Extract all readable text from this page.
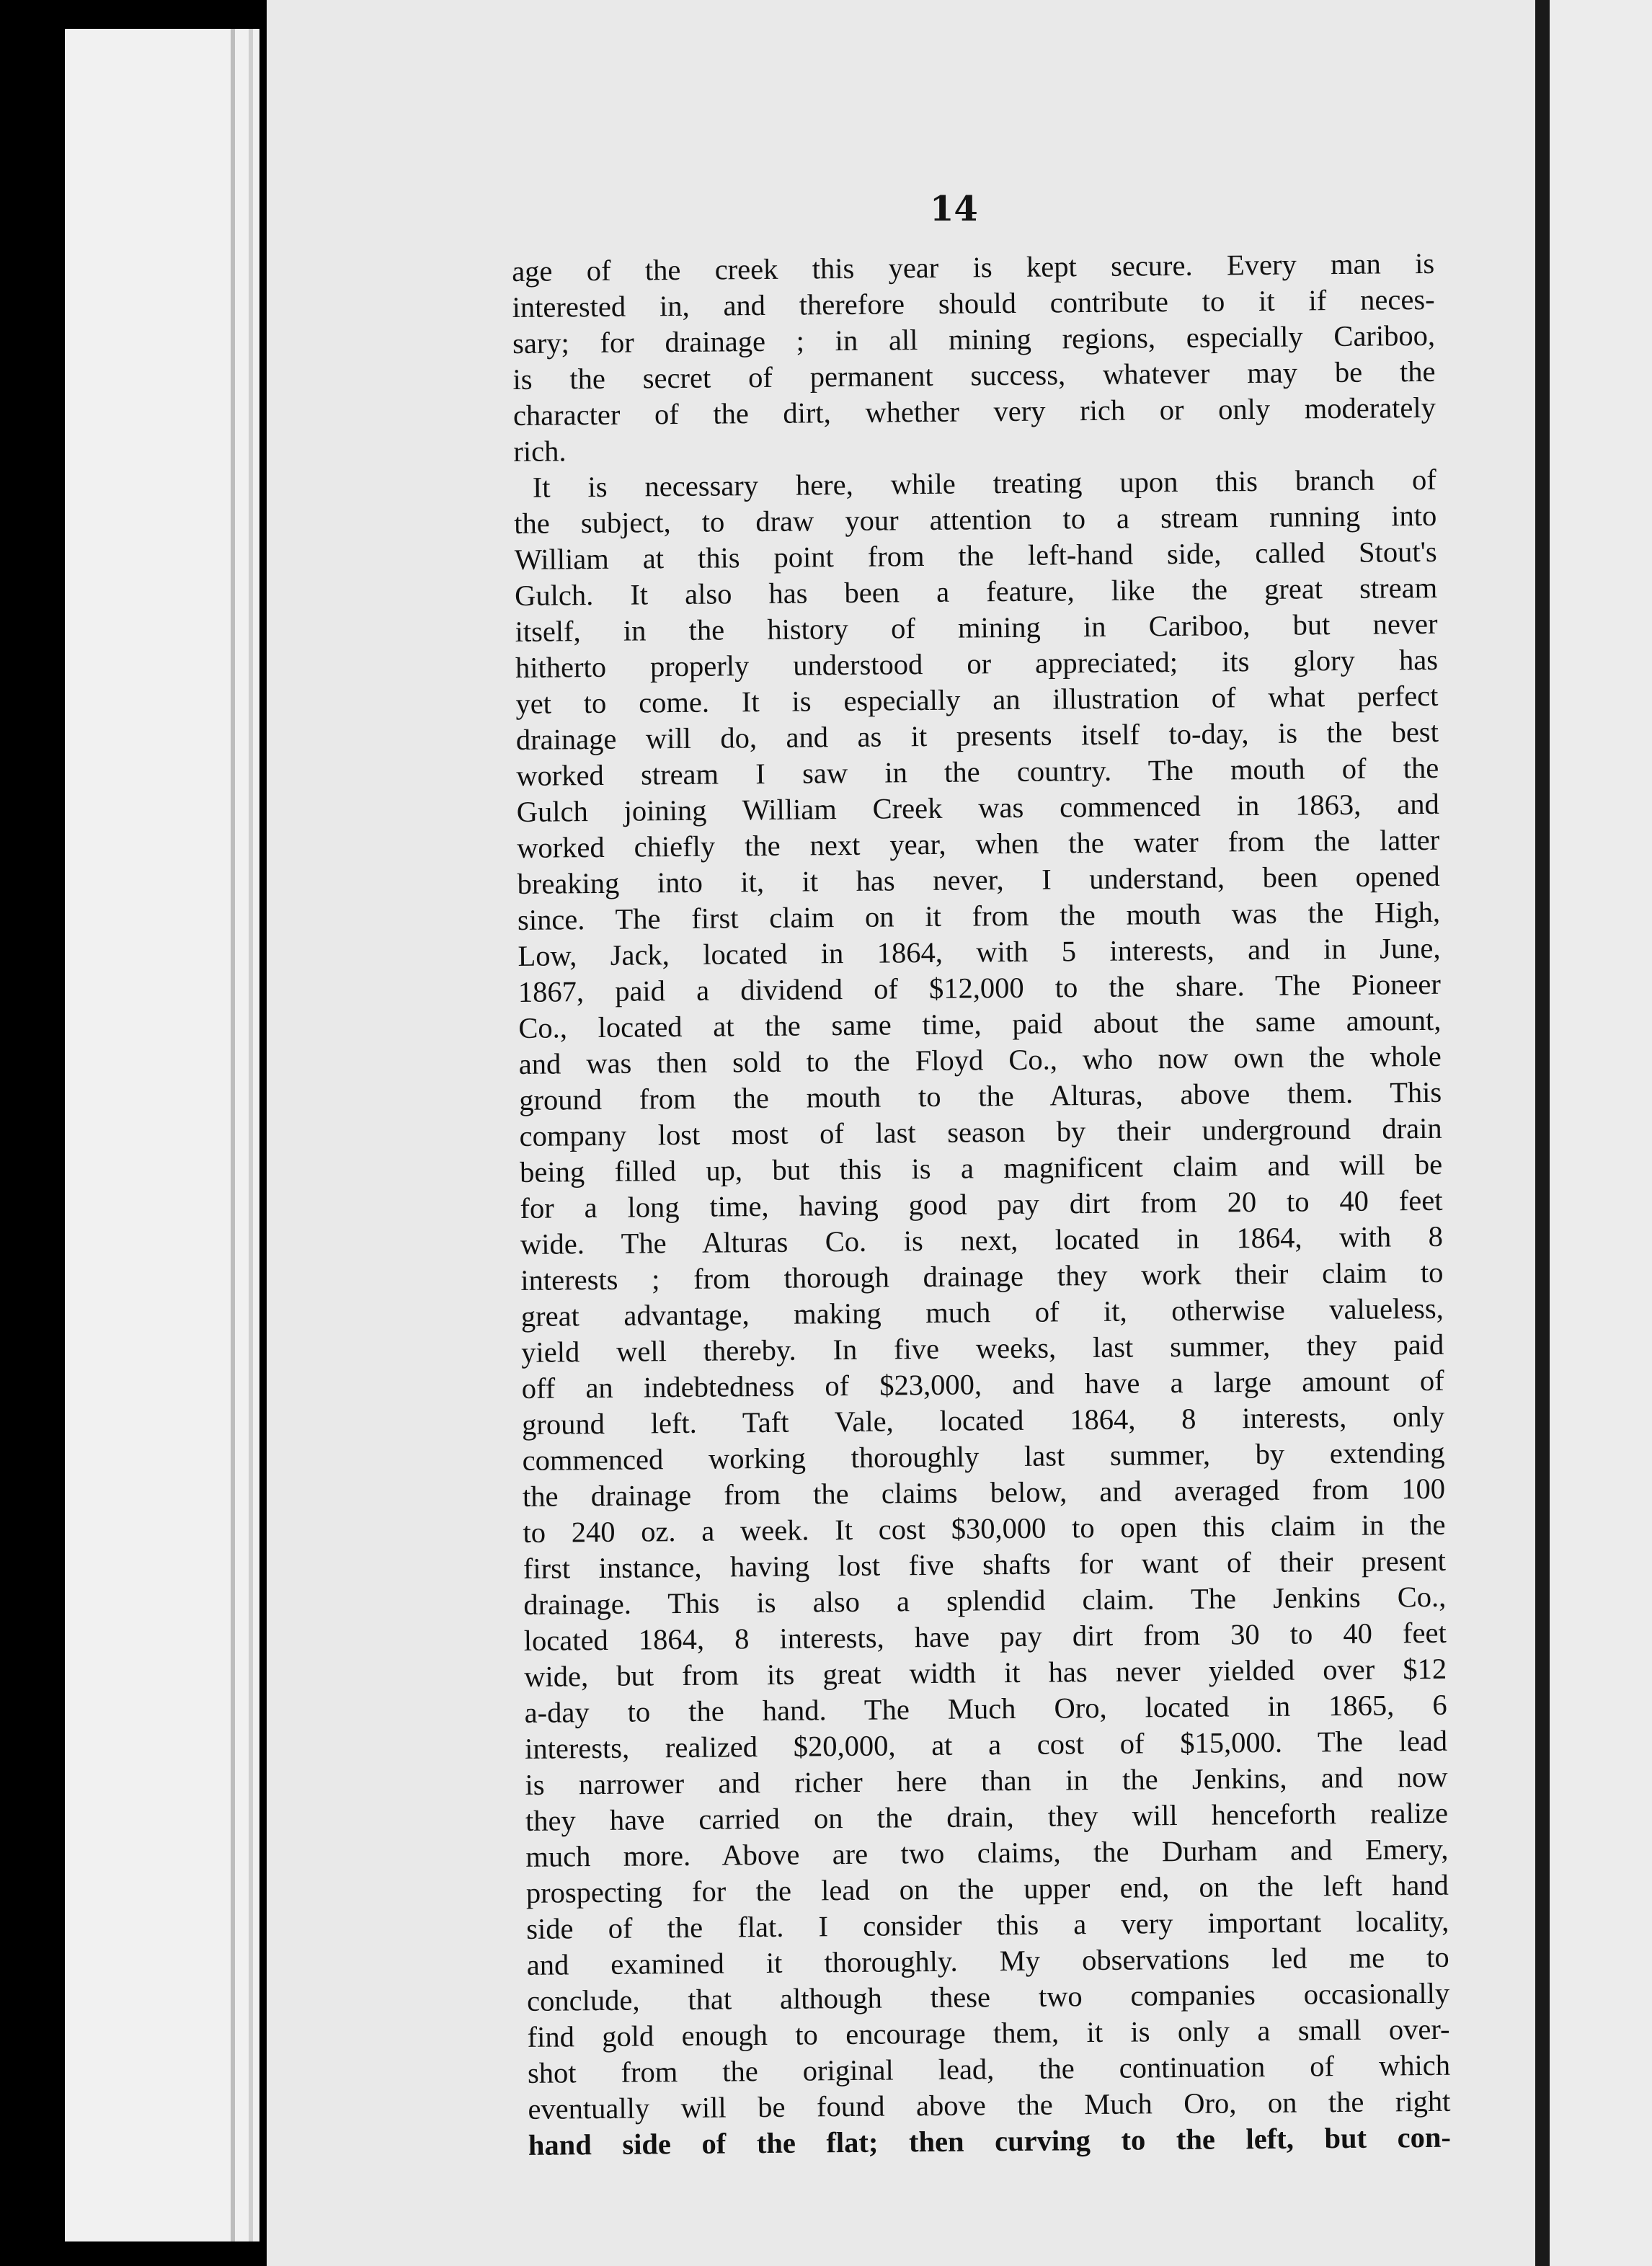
14
age of the creek this year is kept secure. Every man is
interested in, and therefore should contribute to it if neces-
sary; for drainage ; in all mining regions, especially Cariboo,
is the secret of permanent success, whatever may be the
character of the dirt, whether very rich or only moderately
rich.
It is necessary here, while treating upon this branch of
the subject, to draw your attention to a stream running into
William at this point from the left-hand side, called Stout's
Gulch. It also has been a feature, like the great stream
itself, in the history of mining in Cariboo, but never
hitherto properly understood or appreciated; its glory has
yet to come. It is especially an illustration of what perfect
drainage will do, and as it presents itself to-day, is the best
worked stream I saw in the country. The mouth of the
Gulch joining William Creek was commenced in 1863, and
worked chiefly the next year, when the water from the latter
breaking into it, it has never, I understand, been opened
since. The first claim on it from the mouth was the High,
Low, Jack, located in 1864, with 5 interests, and in June,
1867, paid a dividend of $12,000 to the share. The Pioneer
Co., located at the same time, paid about the same amount,
and was then sold to the Floyd Co., who now own the whole
ground from the mouth to the Alturas, above them. This
company lost most of last season by their underground drain
being filled up, but this is a magnificent claim and will be
for a long time, having good pay dirt from 20 to 40 feet
wide. The Alturas Co. is next, located in 1864, with 8
interests ; from thorough drainage they work their claim to
great advantage, making much of it, otherwise valueless,
yield well thereby. In five weeks, last summer, they paid
off an indebtedness of $23,000, and have a large amount of
ground left. Taft Vale, located 1864, 8 interests, only
commenced working thoroughly last summer, by extending
the drainage from the claims below, and averaged from 100
to 240 oz. a week. It cost $30,000 to open this claim in the
first instance, having lost five shafts for want of their present
drainage. This is also a splendid claim. The Jenkins Co.,
located 1864, 8 interests, have pay dirt from 30 to 40 feet
wide, but from its great width it has never yielded over $12
a-day to the hand. The Much Oro, located in 1865, 6
interests, realized $20,000, at a cost of $15,000. The lead
is narrower and richer here than in the Jenkins, and now
they have carried on the drain, they will henceforth realize
much more. Above are two claims, the Durham and Emery,
prospecting for the lead on the upper end, on the left hand
side of the flat. I consider this a very important locality,
and examined it thoroughly. My observations led me to
conclude, that although these two companies occasionally
find gold enough to encourage them, it is only a small over-
shot from the original lead, the continuation of which
eventually will be found above the Much Oro, on the right
hand side of the flat; then curving to the left, but con-
